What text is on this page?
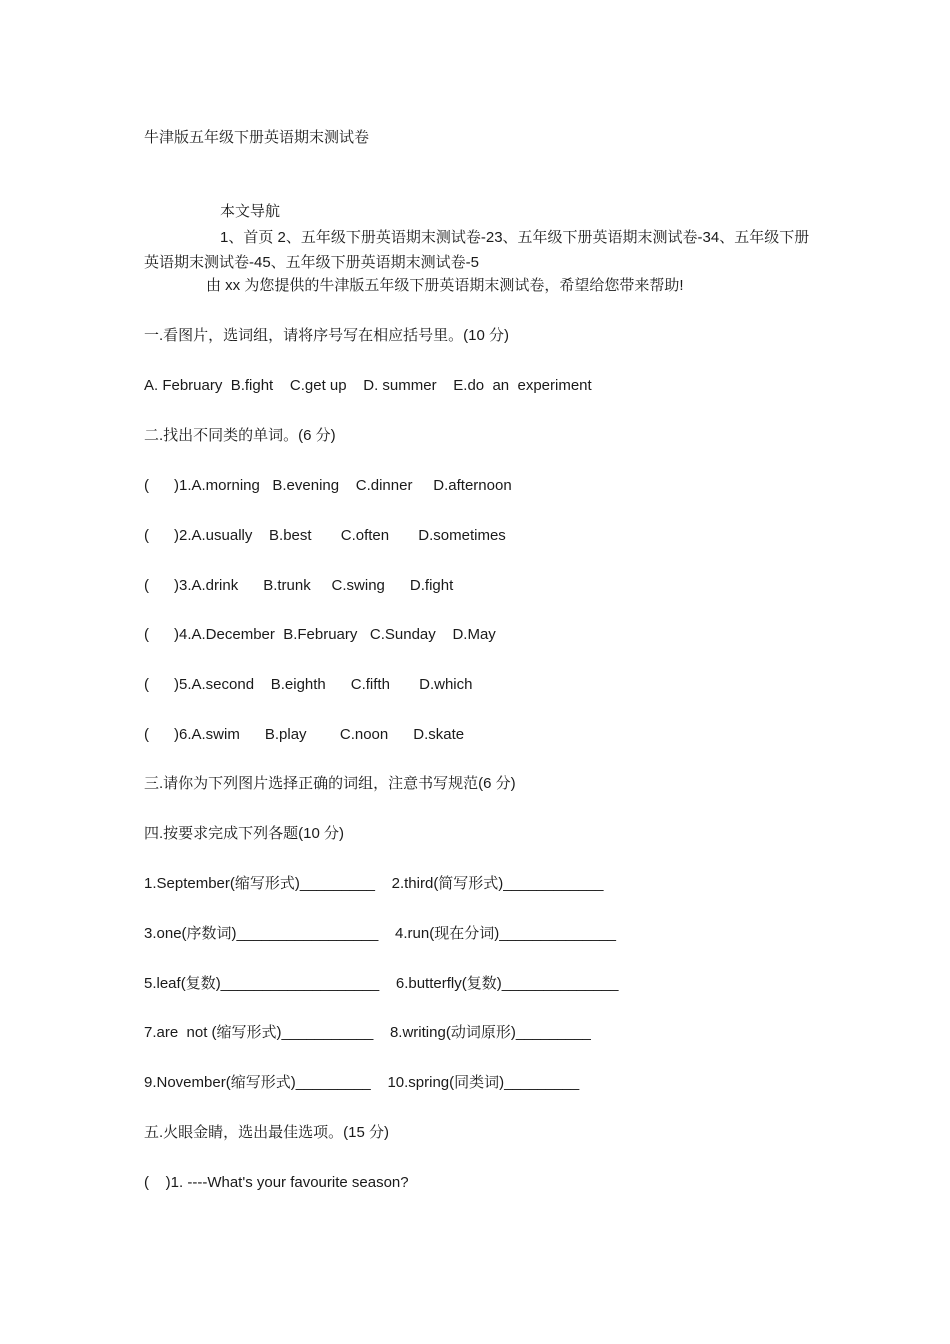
牛津版五年级下册英语期末测试卷
本文导航
1、首页 2、五年级下册英语期末测试卷-23、五年级下册英语期末测试卷-34、五年级下册英语期末测试卷-45、五年级下册英语期末测试卷-5
由 xx 为您提供的牛津版五年级下册英语期末测试卷，希望给您带来帮助!
一.看图片，选词组，请将序号写在相应括号里。(10 分)
A. February  B.fight    C.get up    D. summer    E.do  an  experiment
二.找出不同类的单词。(6 分)
(      )1.A.morning   B.evening    C.dinner     D.afternoon
(      )2.A.usually    B.best       C.often       D.sometimes
(      )3.A.drink      B.trunk     C.swing      D.fight
(      )4.A.December  B.February   C.Sunday    D.May
(      )5.A.second    B.eighth      C.fifth       D.which
(      )6.A.swim      B.play        C.noon      D.skate
三.请你为下列图片选择正确的词组，注意书写规范(6 分)
四.按要求完成下列各题(10 分)
1.September(缩写形式)_________    2.third(简写形式)____________
3.one(序数词)_________________    4.run(现在分词)______________
5.leaf(复数)___________________    6.butterfly(复数)______________
7.are  not (缩写形式)___________    8.writing(动词原形)_________
9.November(缩写形式)_________    10.spring(同类词)_________
五.火眼金睛，选出最佳选项。(15 分)
(    )1. ----What's your favourite season?
